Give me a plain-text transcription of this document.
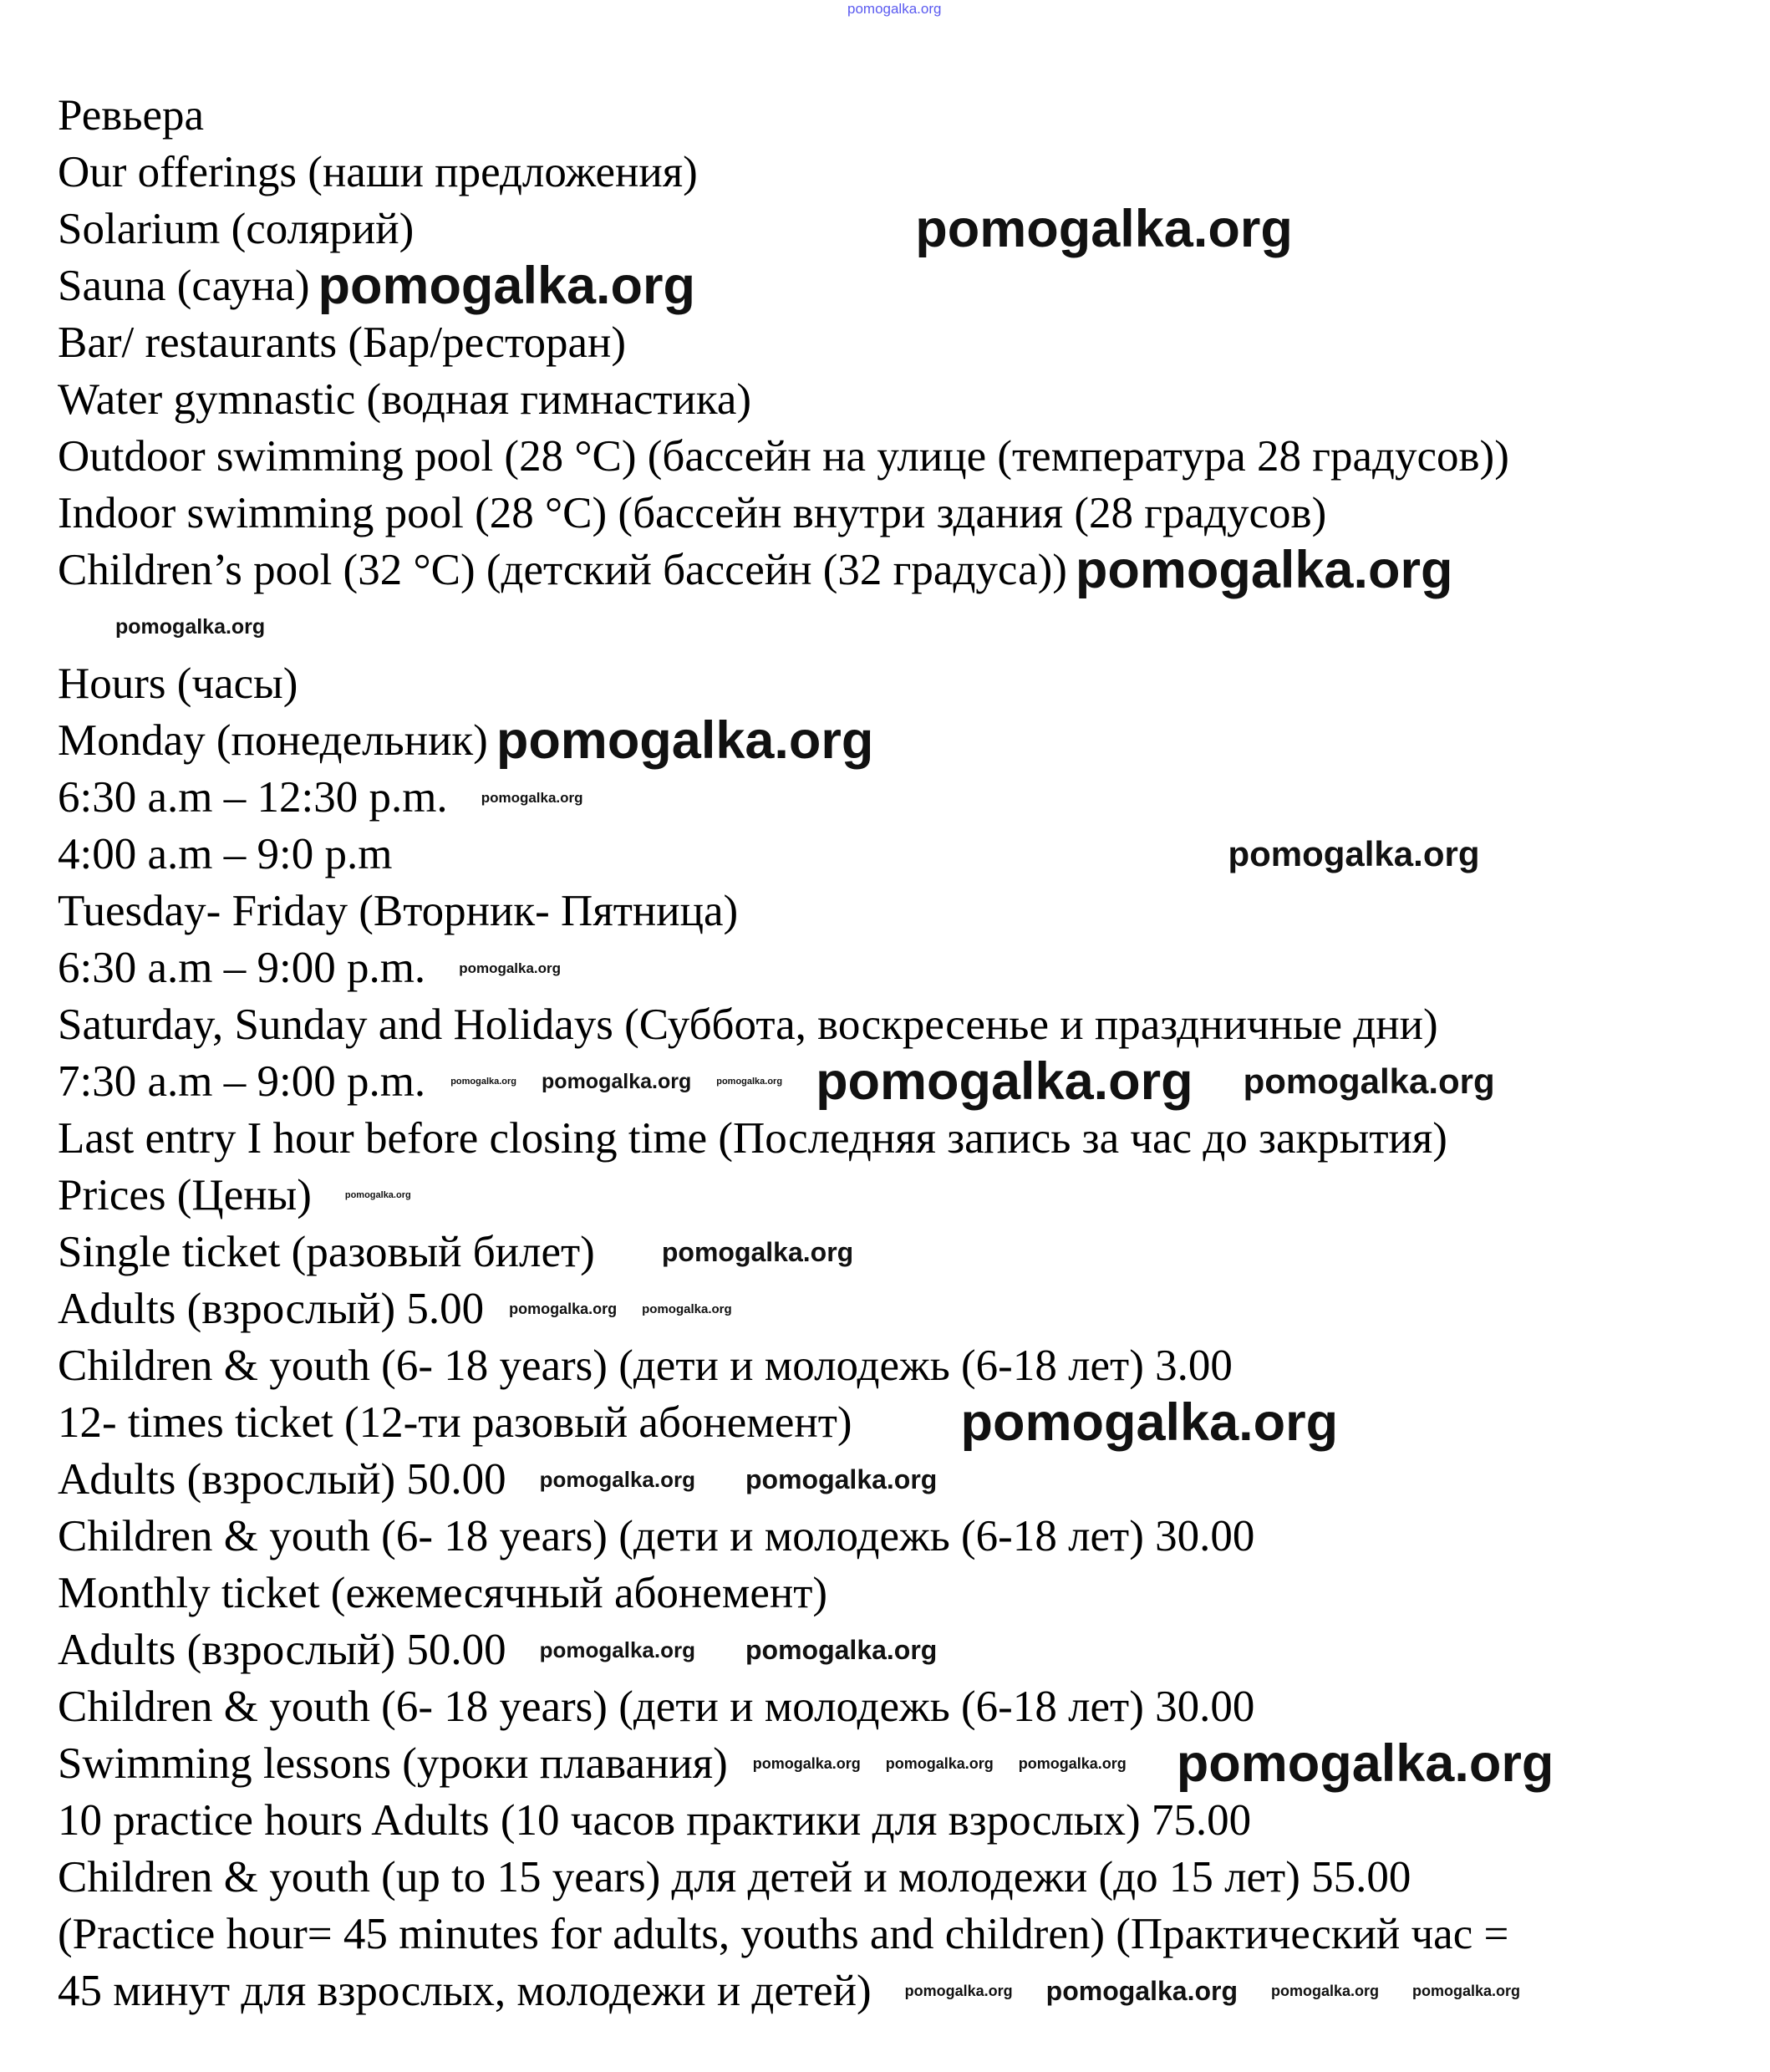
pomogalka.org
Ревьера
Our offerings (наши предложения)
Solarium (солярий)	pomogalka.org
Sauna (сауна) pomogalka.org
Bar/ restaurants (Бар/ресторан)
Water gymnastic (водная гимнастика)
Outdoor swimming pool (28 °C) (бассейн на улице (температура 28 градусов))
Indoor swimming pool (28 °C) (бассейн внутри здания (28 градусов)
Children’s pool (32 °C) (детский бассейн (32 градуса)) pomogalka.org
pomogalka.org
Hours (часы)
Monday (понедельник) pomogalka.org
6:30 a.m – 12:30 p.m. pomogalka.org
4:00 a.m – 9:0 p.m	pomogalka.org
Tuesday- Friday (Вторник- Пятница)
6:30 a.m – 9:00 p.m. pomogalka.org
Saturday, Sunday and Holidays (Суббота, воскресенье и праздничные дни)
7:30 a.m – 9:00 p.m.	pomogalka.org pomogalka.org	pomogalka.org pomogalka.org pomogalka.org
Last entry I hour before closing time (Последняя запись за час до закрытия)
Prices (Цены)	pomogalka.org
Single ticket (разовый билет)	pomogalka.org
Adults (взрослый) 5.00 pomogalka.org pomogalka.org
Children & youth (6- 18 years) (дети и молодежь (6-18 лет) 3.00
12- times ticket (12-ти разовый абонемент) pomogalka.org
Adults (взрослый) 50.00 pomogalka.org pomogalka.org
Children & youth (6- 18 years) (дети и молодежь (6-18 лет) 30.00
Monthly ticket (ежемесячный абонемент)
Adults (взрослый) 50.00 pomogalka.org pomogalka.org
Children & youth (6- 18 years) (дети и молодежь (6-18 лет) 30.00
Swimming lessons (уроки плавания) pomogalka.org pomogalka.org pomogalka.org pomogalka.org
10 practice hours Adults (10 часов практики для взрослых) 75.00
Children & youth (up to 15 years) для детей и молодежи (до 15 лет) 55.00
(Practice hour= 45 minutes for adults, youths and children) (Практический час =
45 минут для взрослых, молодежи и детей) pomogalka.org pomogalka.org pomogalka.org pomogalka.org
